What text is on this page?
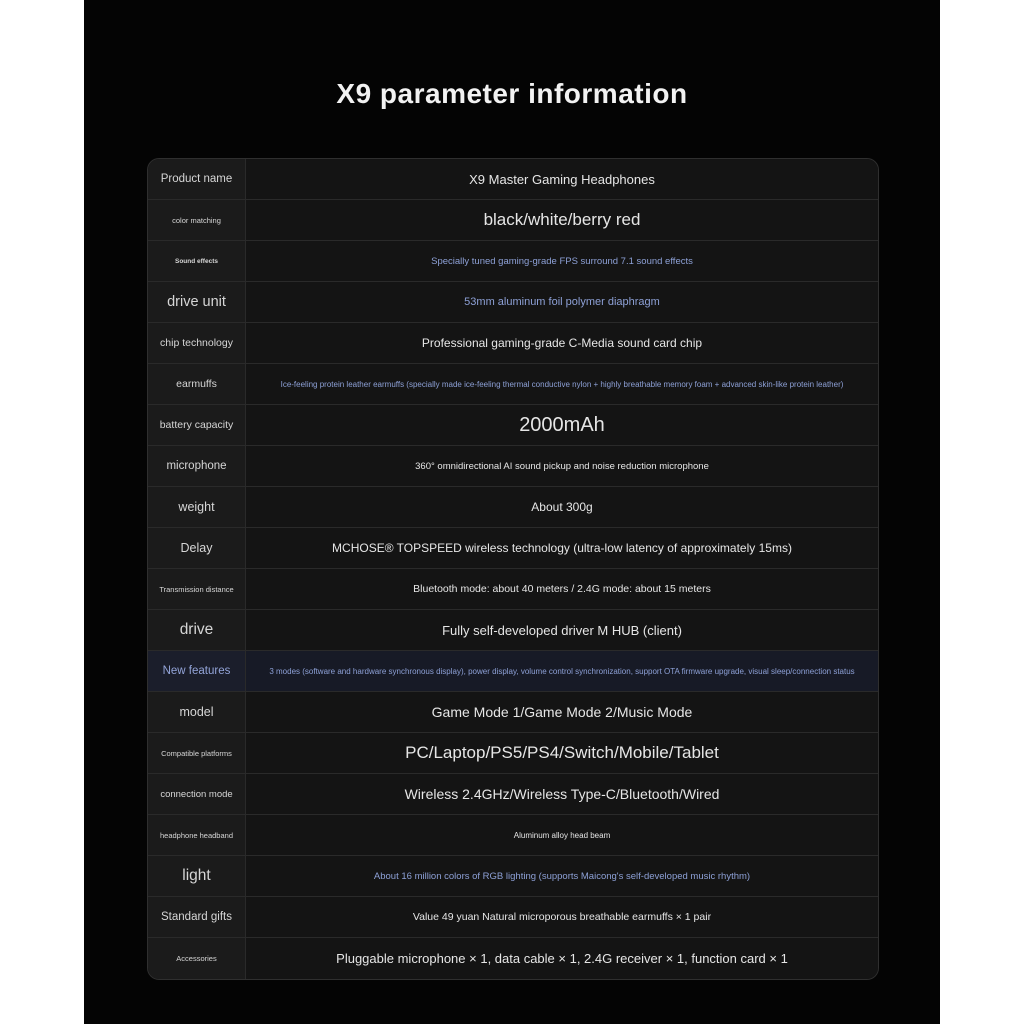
X9 parameter information
Product name	X9 Master Gaming Headphones
color matching	black/white/berry red
Sound effects	Specially tuned gaming-grade FPS surround 7.1 sound effects
drive unit	53mm aluminum foil polymer diaphragm
chip technology	Professional gaming-grade C-Media sound card chip
earmuffs	Ice-feeling protein leather earmuffs (specially made ice-feeling thermal conductive nylon + highly breathable memory foam + advanced skin-like protein leather)
battery capacity	2000mAh
microphone	360° omnidirectional AI sound pickup and noise reduction microphone
weight	About 300g
Delay	MCHOSE® TOPSPEED wireless technology (ultra-low latency of approximately 15ms)
Transmission distance	Bluetooth mode: about 40 meters / 2.4G mode: about 15 meters
drive	Fully self-developed driver M HUB (client)
New features	3 modes (software and hardware synchronous display), power display, volume control synchronization, support OTA firmware upgrade, visual sleep/connection status
model	Game Mode 1/Game Mode 2/Music Mode
Compatible platforms	PC/Laptop/PS5/PS4/Switch/Mobile/Tablet
connection mode	Wireless 2.4GHz/Wireless Type-C/Bluetooth/Wired
headphone headband	Aluminum alloy head beam
light	About 16 million colors of RGB lighting (supports Maicong's self-developed music rhythm)
Standard gifts	Value 49 yuan Natural microporous breathable earmuffs × 1 pair
Accessories	Pluggable microphone × 1, data cable × 1, 2.4G receiver × 1, function card × 1
